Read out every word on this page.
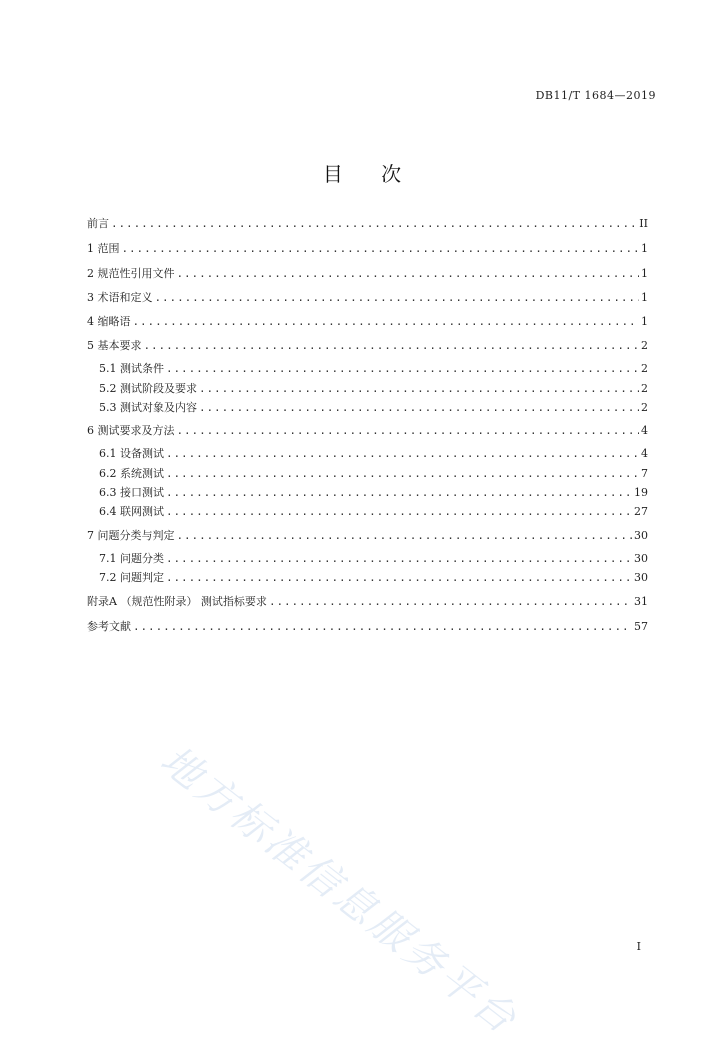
DB11/T 1684—2019
目 次
前言 .....	II
1 范围 .....	1
2 规范性引用文件 .....	1
3 术语和定义 .....	1
4 缩略语 .....	1
5 基本要求 .....	2
5.1 测试条件 .....	2
5.2 测试阶段及要求 .....	2
5.3 测试对象及内容 .....	2
6 测试要求及方法 .....	4
6.1 设备测试 .....	4
6.2 系统测试 .....	7
6.3 接口测试 .....	19
6.4 联网测试 .....	27
7 问题分类与判定 .....	30
7.1 问题分类 .....	30
7.2 问题判定 .....	30
附录A （规范性附录） 测试指标要求 .....	31
参考文献 .....	57
地方标准信息服务平台	I
